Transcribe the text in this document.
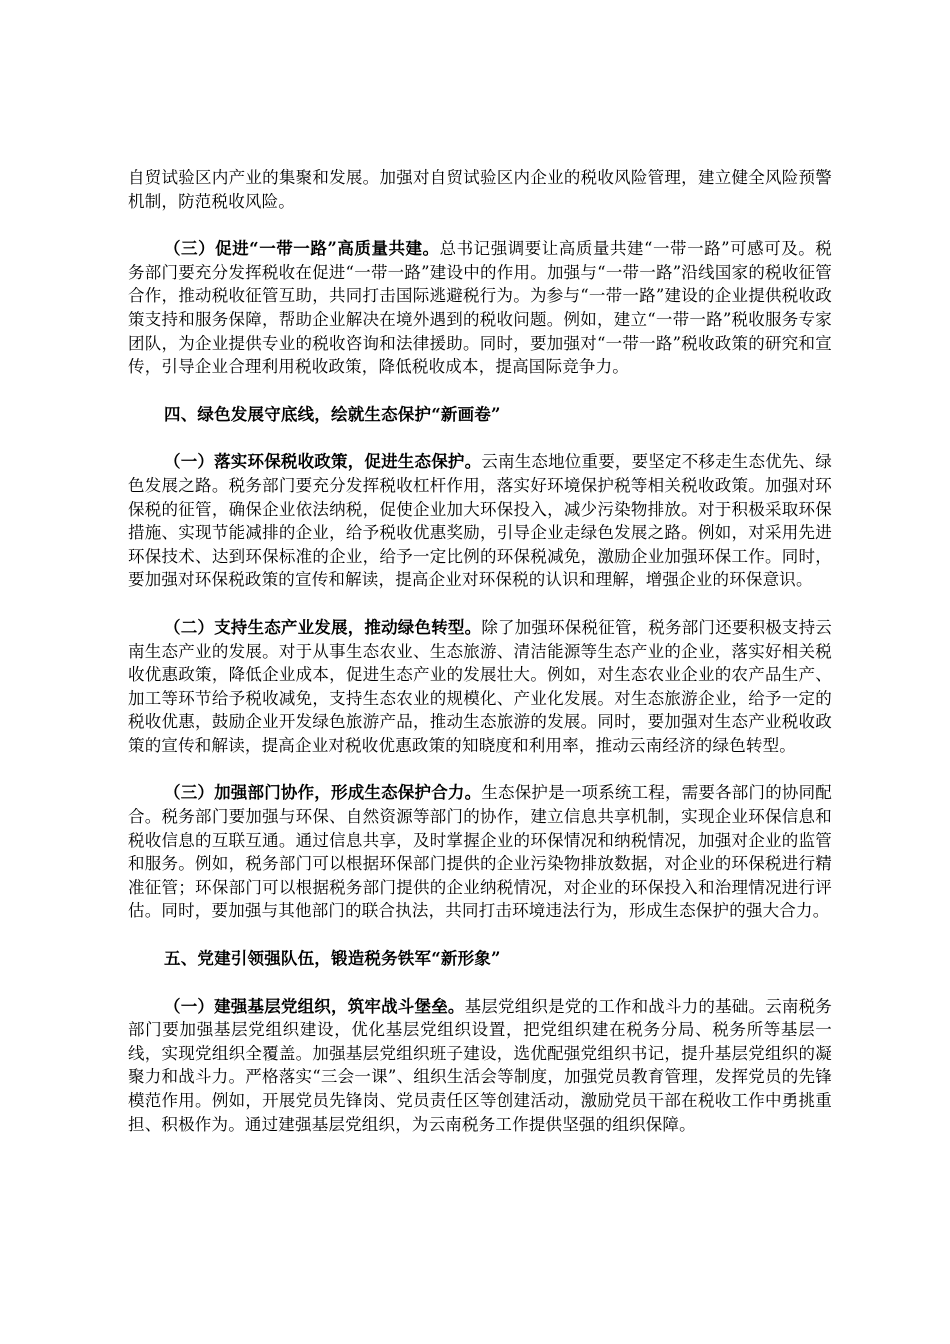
自贸试验区内产业的集聚和发展。加强对自贸试验区内企业的税收风险管理，建立健全风险预警机制，防范税收风险。

（三）促进“一带一路”高质量共建。总书记强调要让高质量共建“一带一路”可感可及。税务部门要充分发挥税收在促进“一带一路”建设中的作用。加强与“一带一路”沿线国家的税收征管合作，推动税收征管互助，共同打击国际逃避税行为。为参与“一带一路”建设的企业提供税收政策支持和服务保障，帮助企业解决在境外遇到的税收问题。例如，建立“一带一路”税收服务专家团队，为企业提供专业的税收咨询和法律援助。同时，要加强对“一带一路”税收政策的研究和宣传，引导企业合理利用税收政策，降低税收成本，提高国际竞争力。

四、绿色发展守底线，绘就生态保护“新画卷”

（一）落实环保税收政策，促进生态保护。云南生态地位重要，要坚定不移走生态优先、绿色发展之路。税务部门要充分发挥税收杠杆作用，落实好环境保护税等相关税收政策。加强对环保税的征管，确保企业依法纳税，促使企业加大环保投入，减少污染物排放。对于积极采取环保措施、实现节能减排的企业，给予税收优惠奖励，引导企业走绿色发展之路。例如，对采用先进环保技术、达到环保标准的企业，给予一定比例的环保税减免，激励企业加强环保工作。同时，要加强对环保税政策的宣传和解读，提高企业对环保税的认识和理解，增强企业的环保意识。

（二）支持生态产业发展，推动绿色转型。除了加强环保税征管，税务部门还要积极支持云南生态产业的发展。对于从事生态农业、生态旅游、清洁能源等生态产业的企业，落实好相关税收优惠政策，降低企业成本，促进生态产业的发展壮大。例如，对生态农业企业的农产品生产、加工等环节给予税收减免，支持生态农业的规模化、产业化发展。对生态旅游企业，给予一定的税收优惠，鼓励企业开发绿色旅游产品，推动生态旅游的发展。同时，要加强对生态产业税收政策的宣传和解读，提高企业对税收优惠政策的知晓度和利用率，推动云南经济的绿色转型。

（三）加强部门协作，形成生态保护合力。生态保护是一项系统工程，需要各部门的协同配合。税务部门要加强与环保、自然资源等部门的协作，建立信息共享机制，实现企业环保信息和税收信息的互联互通。通过信息共享，及时掌握企业的环保情况和纳税情况，加强对企业的监管和服务。例如，税务部门可以根据环保部门提供的企业污染物排放数据，对企业的环保税进行精准征管；环保部门可以根据税务部门提供的企业纳税情况，对企业的环保投入和治理情况进行评估。同时，要加强与其他部门的联合执法，共同打击环境违法行为，形成生态保护的强大合力。

五、党建引领强队伍，锻造税务铁军“新形象”

（一）建强基层党组织，筑牢战斗堡垒。基层党组织是党的工作和战斗力的基础。云南税务部门要加强基层党组织建设，优化基层党组织设置，把党组织建在税务分局、税务所等基层一线，实现党组织全覆盖。加强基层党组织班子建设，选优配强党组织书记，提升基层党组织的凝聚力和战斗力。严格落实“三会一课”、组织生活会等制度，加强党员教育管理，发挥党员的先锋模范作用。例如，开展党员先锋岗、党员责任区等创建活动，激励党员干部在税收工作中勇挑重担、积极作为。通过建强基层党组织，为云南税务工作提供坚强的组织保障。
